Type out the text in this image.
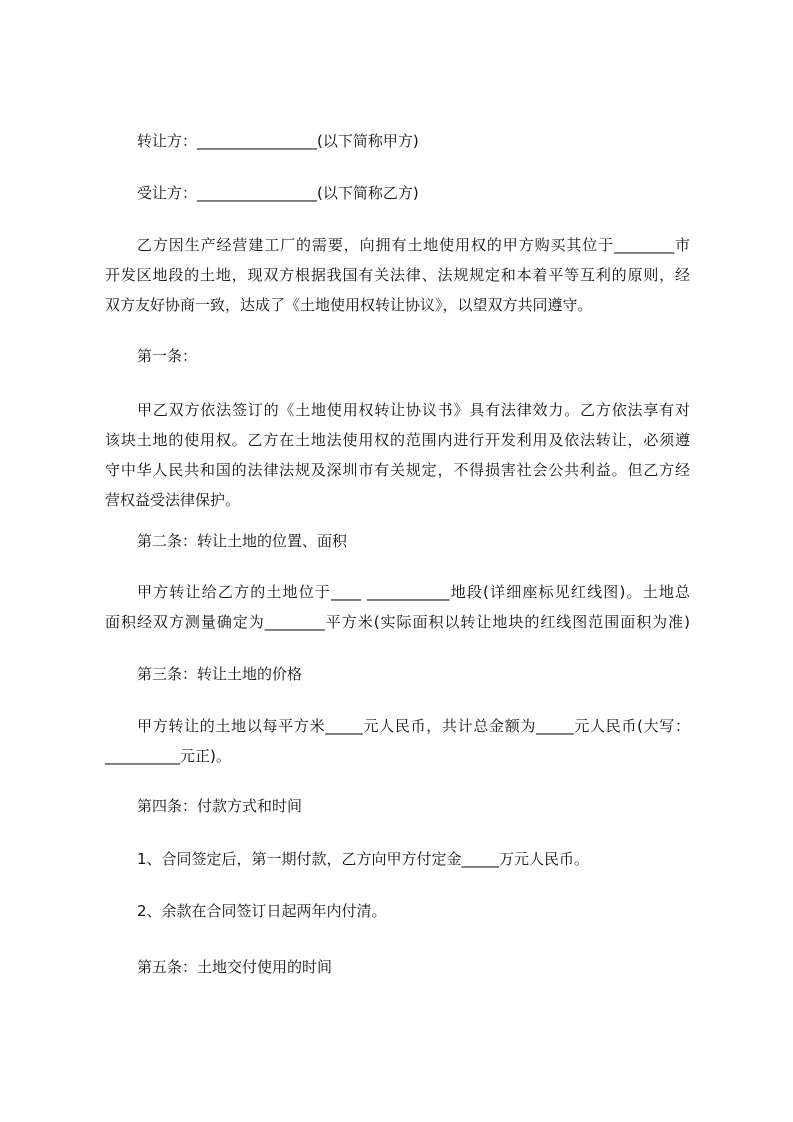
转让方：________________(以下简称甲方)
受让方：________________(以下简称乙方)
乙方因生产经营建工厂的需要，向拥有土地使用权的甲方购买其位于________市
开发区地段的土地，现双方根据我国有关法律、法规规定和本着平等互利的原则，经
双方友好协商一致，达成了《土地使用权转让协议》，以望双方共同遵守。
第一条：
甲乙双方依法签订的《土地使用权转让协议书》具有法律效力。乙方依法享有对
该块土地的使用权。乙方在土地法使用权的范围内进行开发利用及依法转让，必须遵
守中华人民共和国的法律法规及深圳市有关规定，不得损害社会公共利益。但乙方经
营权益受法律保护。
第二条：转让土地的位置、面积
甲方转让给乙方的土地位于____ ___________地段(详细座标见红线图)。土地总
面积经双方测量确定为________平方米(实际面积以转让地块的红线图范围面积为准)
第三条：转让土地的价格
甲方转让的土地以每平方米_____元人民币，共计总金额为_____元人民币(大写：
__________元正)。
第四条：付款方式和时间
1、合同签定后，第一期付款，乙方向甲方付定金_____万元人民币。
2、余款在合同签订日起两年内付清。
第五条：土地交付使用的时间
